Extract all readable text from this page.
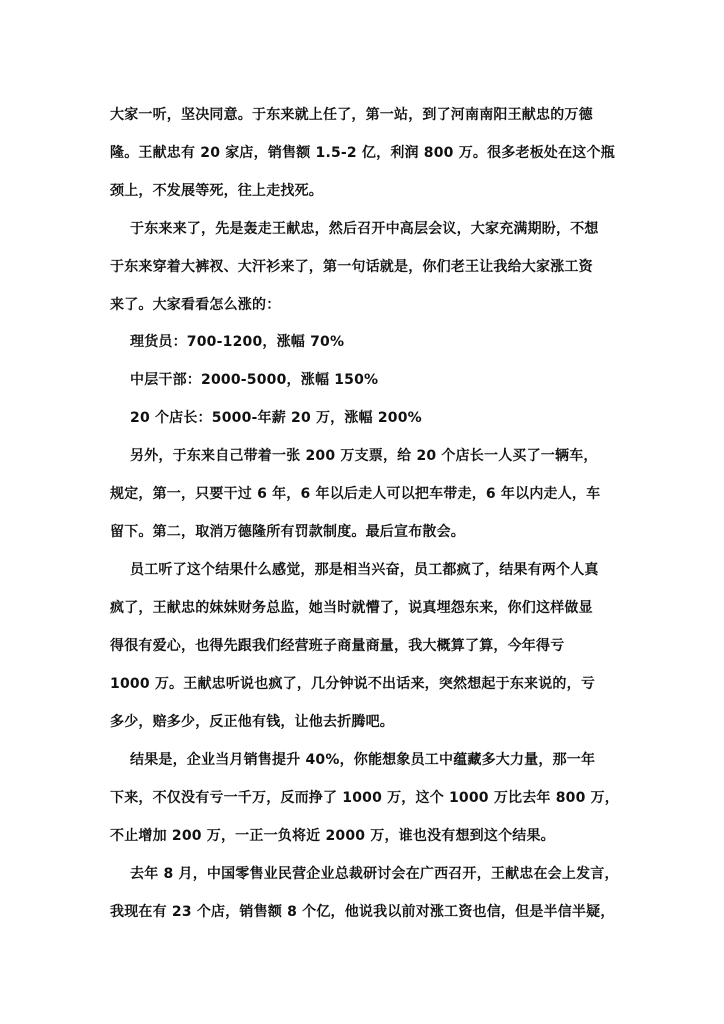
大家一听，坚决同意。于东来就上任了，第一站，到了河南南阳王献忠的万德
隆。王献忠有 20 家店，销售额 1.5-2 亿，利润 800 万。很多老板处在这个瓶
颈上，不发展等死，往上走找死。
于东来来了，先是轰走王献忠，然后召开中高层会议，大家充满期盼，不想
于东来穿着大裤衩、大汗衫来了，第一句话就是，你们老王让我给大家涨工资
来了。大家看看怎么涨的：
理货员：700-1200，涨幅 70%
中层干部：2000-5000，涨幅 150%
20 个店长：5000-年薪 20 万，涨幅 200%
另外，于东来自己带着一张 200 万支票，给 20 个店长一人买了一辆车，
规定，第一，只要干过 6 年，6 年以后走人可以把车带走，6 年以内走人，车
留下。第二，取消万德隆所有罚款制度。最后宣布散会。
员工听了这个结果什么感觉，那是相当兴奋，员工都疯了，结果有两个人真
疯了，王献忠的妹妹财务总监，她当时就懵了，说真埋怨东来，你们这样做显
得很有爱心，也得先跟我们经营班子商量商量，我大概算了算，今年得亏
1000 万。王献忠听说也疯了，几分钟说不出话来，突然想起于东来说的，亏
多少，赔多少，反正他有钱，让他去折腾吧。
结果是，企业当月销售提升 40%，你能想象员工中蕴藏多大力量，那一年
下来，不仅没有亏一千万，反而挣了 1000 万，这个 1000 万比去年 800 万，
不止增加 200 万，一正一负将近 2000 万，谁也没有想到这个结果。
去年 8 月，中国零售业民营企业总裁研讨会在广西召开，王献忠在会上发言，
我现在有 23 个店，销售额 8 个亿，他说我以前对涨工资也信，但是半信半疑，
